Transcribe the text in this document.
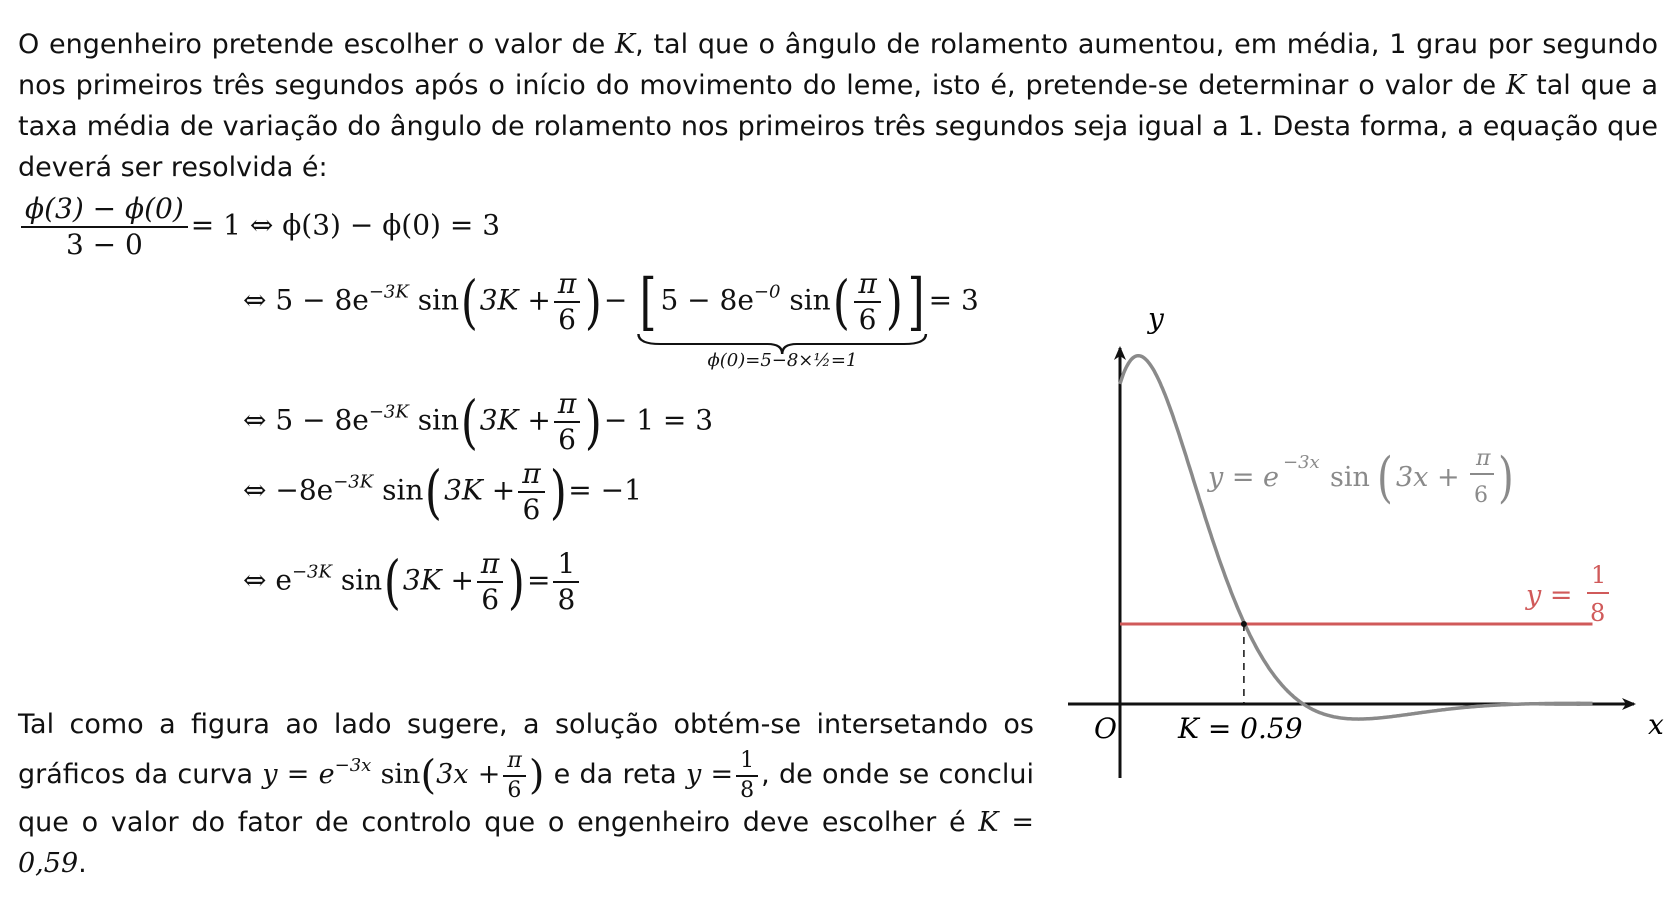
O engenheiro pretende escolher o valor de K, tal que o ângulo de rolamento aumentou, em média, 1 grau por segundo nos primeiros três segundos após o início do movimento do leme, isto é, pretende-se determinar o valor de K tal que a taxa média de variação do ângulo de rolamento nos primeiros três segundos seja igual a 1. Desta forma, a equação que deverá ser resolvida é:
$\frac{\phi(3) - \phi(0)}{3 - 0} = 1$ ⇔ ϕ(3) − ϕ(0) = 3
⇔ $5 - 8e^{-3K}$ $\sin(3K + \frac{\pi}{6}$ )− [ $5 - 8e^{-0}$ $\sin( \frac{\pi}{6}$ )]
ϕ(0)=5−8×½=1
= 3
⇔ $5 - 8e^{-3K}$ $\sin(3K + \frac{\pi}{6}$ )− 1 = 3
⇔ $-8e^{-3K}$ $\sin(3K + \frac{\pi}{6}$ )= −1
⇔ $e^{-3K}$ $\sin(3K + \frac{\pi}{6}$ )= $\frac{1}{8}$
Tal como a figura ao lado sugere, a solução obtém-se intersetando os gráficos da curva $y = e^{-3x}$ $\sin(3x + \frac{\pi}{6}$ ) e da reta $y = \frac{1}{8}$ , de onde se conclui que o valor do fator de controlo que o engenheiro deve escolher é K = 0,59.
y
x
O K = 0.59
y = e −3x sin ( 3x +
π
6 )
y =
1
8
